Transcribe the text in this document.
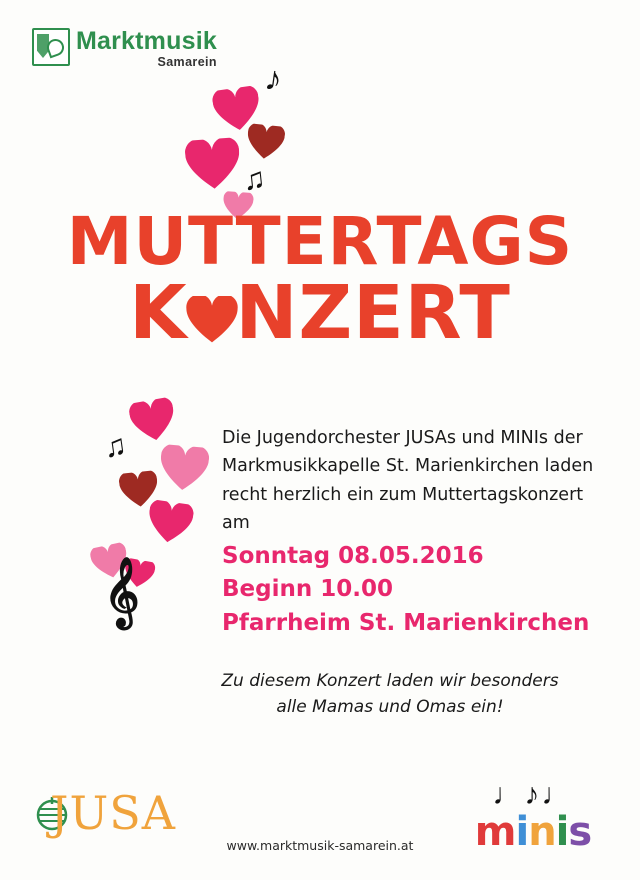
Marktmusik
Samarein ♪
♫
MUTTERTAGS
K NZERT
♫
𝄞
Die Jugendorchester JUSAs und MINIs der Markmusikkapelle St. Marienkirchen laden recht herzlich ein zum Muttertagskonzert am
Sonntag 08.05.2016
Beginn 10.00
Pfarrheim St. Marienkirchen
Zu diesem Konzert laden wir besonders
alle Mamas und Omas ein!
JUSA	♩♪♩
minis
www.marktmusik-samarein.at
